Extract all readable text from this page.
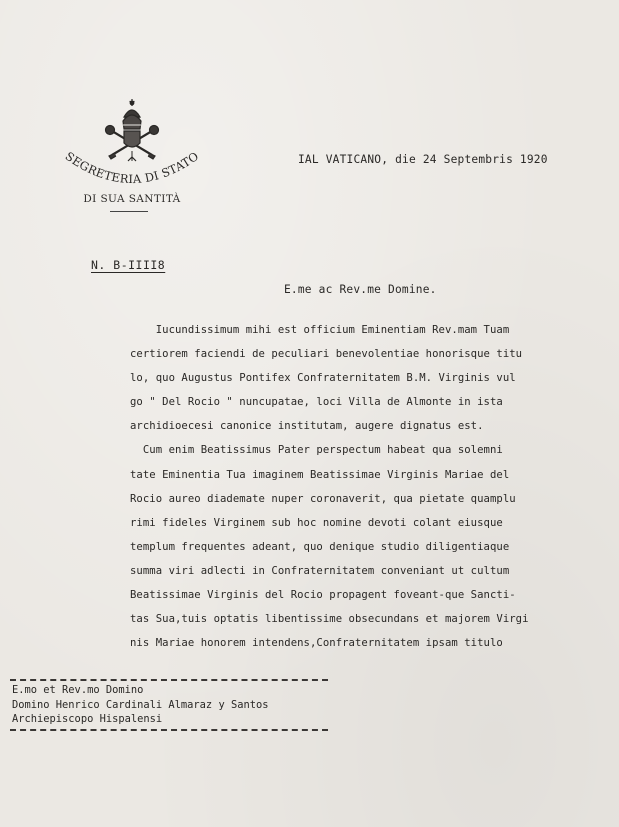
SEGRETERIA DI STATO
DI SUA SANTITÀ
IAL VATICANO, die 24 Septembris 1920
N. B-IIII8
E.me ac Rev.me Domine.
Iucundissimum mihi est officium Eminentiam Rev.mam Tuam
certiorem faciendi de peculiari benevolentiae honorisque titu
lo, quo Augustus Pontifex Confraternitatem B.M. Virginis vul
go " Del Rocio " nuncupatae, loci Villa de Almonte in ista
archidioecesi canonice institutam, augere dignatus est.
Cum enim Beatissimus Pater perspectum habeat qua solemni
tate Eminentia Tua imaginem Beatissimae Virginis Mariae del
Rocio aureo diademate nuper coronaverit, qua pietate quamplu
rimi fideles Virginem sub hoc nomine devoti colant eiusque
templum frequentes adeant, quo denique studio diligentiaque
summa viri adlecti in Confraternitatem conveniant ut cultum
Beatissimae Virginis del Rocio propagent foveant-que Sancti-
tas Sua,tuis optatis libentissime obsecundans et majorem Virgi
nis Mariae honorem intendens,Confraternitatem ipsam titulo
E.mo et Rev.mo Domino
Domino Henrico Cardinali Almaraz y Santos
Archiepiscopo Hispalensi
